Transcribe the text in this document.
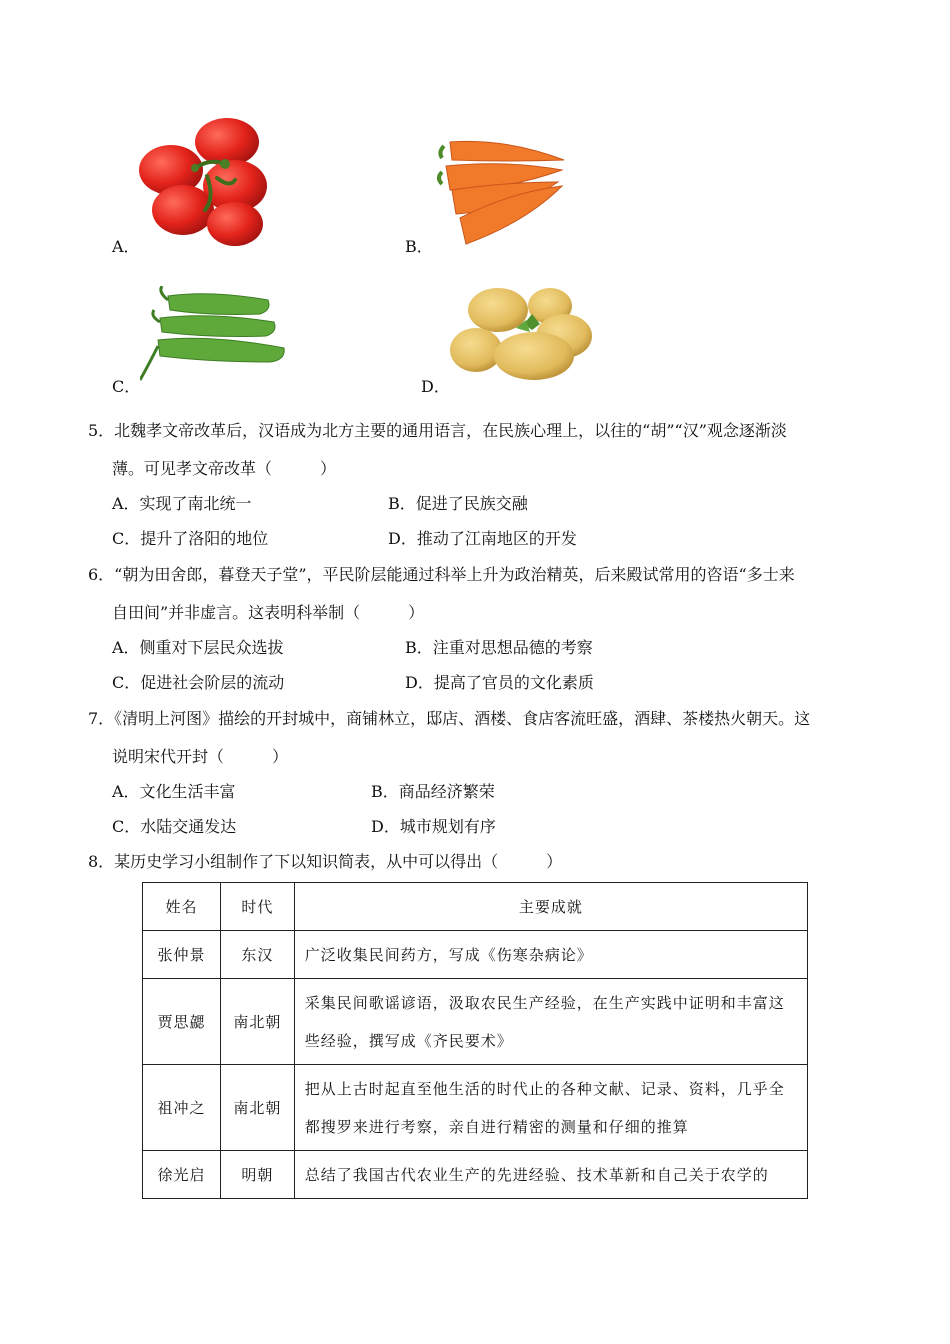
A．	B．
C．	D．
5．北魏孝文帝改革后，汉语成为北方主要的通用语言，在民族心理上，以往的“胡”“汉”观念逐渐淡
薄。可见孝文帝改革（　　　）
A．实现了南北统一	B．促进了民族交融
C．提升了洛阳的地位	D．推动了江南地区的开发
6．“朝为田舍郎，暮登天子堂”，平民阶层能通过科举上升为政治精英，后来殿试常用的咨语“多士来
自田间”并非虚言。这表明科举制（　　　）
A．侧重对下层民众选拔	B．注重对思想品德的考察
C．促进社会阶层的流动	D．提高了官员的文化素质
7．《清明上河图》描绘的开封城中，商铺林立，邸店、酒楼、食店客流旺盛，酒肆、茶楼热火朝天。这
说明宋代开封（　　　）
A．文化生活丰富	B．商品经济繁荣
C．水陆交通发达	D．城市规划有序
8．某历史学习小组制作了下以知识简表，从中可以得出（　　　）
姓名	时代	主要成就
张仲景	东汉	广泛收集民间药方，写成《伤寒杂病论》
贾思勰	南北朝	采集民间歌谣谚语，汲取农民生产经验，在生产实践中证明和丰富这些经验，撰写成《齐民要术》
祖冲之	南北朝	把从上古时起直至他生活的时代止的各种文献、记录、资料，几乎全都搜罗来进行考察，亲自进行精密的测量和仔细的推算
徐光启	明朝	总结了我国古代农业生产的先进经验、技术革新和自己关于农学的
